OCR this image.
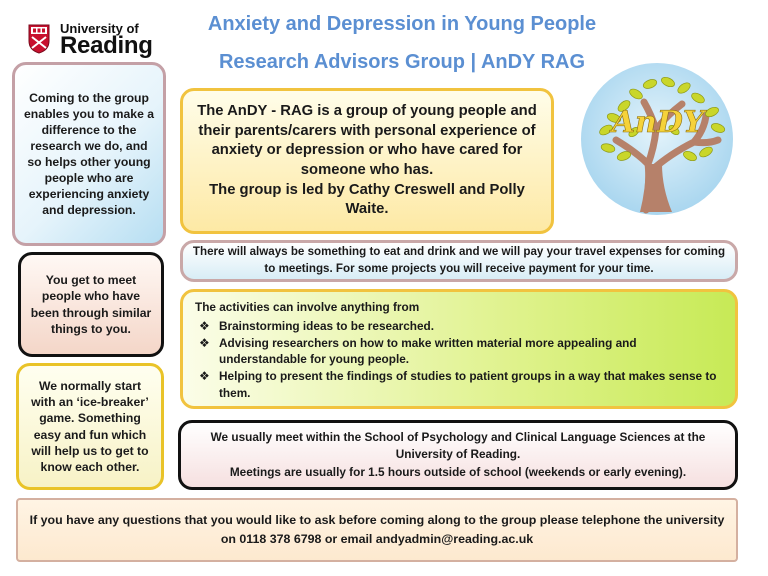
University of
Reading
Anxiety and Depression in Young People
Research Advisors Group | AnDY RAG
AnDY
Coming to the group enables you to make a difference to the research we do, and so helps other young people who are experiencing anxiety and depression.
You get to meet people who have been through similar things to you.
We normally start with an ‘ice-breaker’ game. Something easy and fun which will help us to get to know each other.
The AnDY - RAG is a group of young people and their parents/carers with personal experience of anxiety or depression or who have cared for someone who has.
The group is led by Cathy Creswell and Polly Waite.
There will always be something to eat and drink and we will pay your travel expenses for coming to meetings. For some projects you will receive payment for your time.
The activities can involve anything from
❖ Brainstorming ideas to be researched.
❖ Advising researchers on how to make written material more appealing and understandable for young people.
❖ Helping to present the findings of studies to patient groups in a way that makes sense to them.
We usually meet within the School of Psychology and Clinical Language Sciences at the University of Reading.
Meetings are usually for 1.5 hours outside of school (weekends or early evening).
If you have any questions that you would like to ask before coming along to the group please telephone the university on 0118 378 6798 or email andyadmin@reading.ac.uk
